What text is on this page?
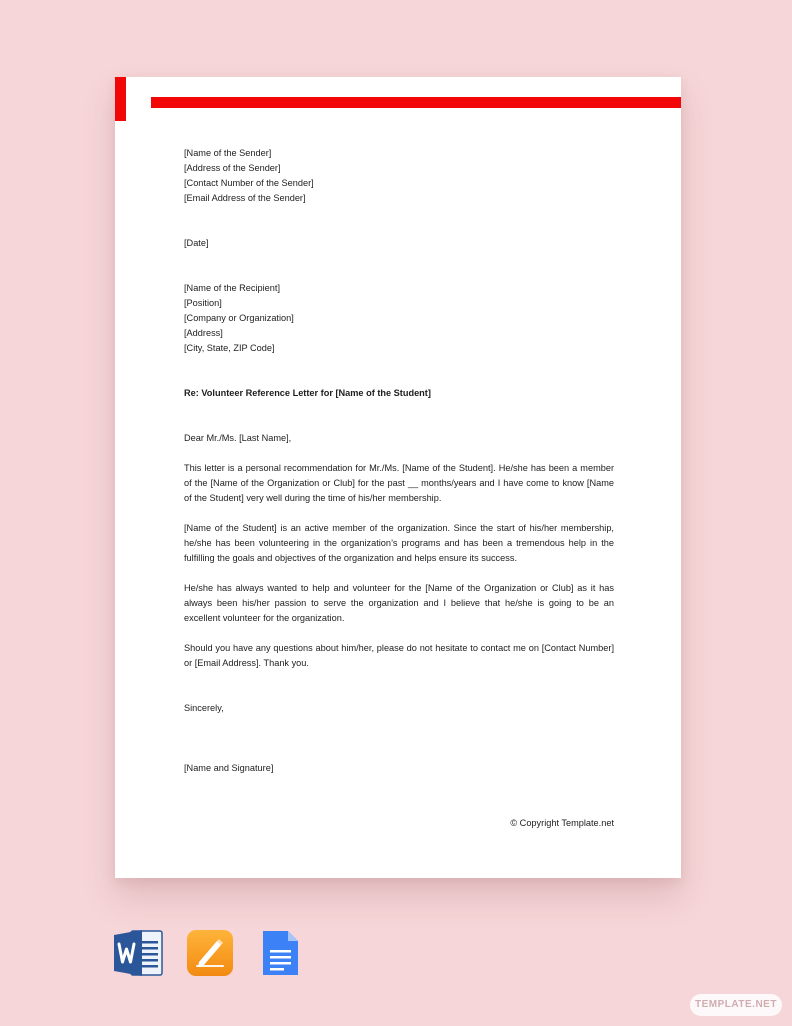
[Name of the Sender]
[Address of the Sender]
[Contact Number of the Sender]
[Email Address of the Sender]
[Date]
[Name of the Recipient]
[Position]
[Company or Organization]
[Address]
[City, State, ZIP Code]
Re: Volunteer Reference Letter for [Name of the Student]
Dear Mr./Ms. [Last Name],

This letter is a personal recommendation for Mr./Ms. [Name of the Student]. He/she has been a member of the [Name of the Organization or Club] for the past __ months/years and I have come to know [Name of the Student] very well during the time of his/her membership.

[Name of the Student] is an active member of the organization. Since the start of his/her membership, he/she has been volunteering in the organization’s programs and has been a tremendous help in the fulfilling the goals and objectives of the organization and helps ensure its success.

He/she has always wanted to help and volunteer for the [Name of the Organization or Club] as it has always been his/her passion to serve the organization and I believe that he/she is going to be an excellent volunteer for the organization.

Should you have any questions about him/her, please do not hesitate to contact me on [Contact Number] or [Email Address]. Thank you.

Sincerely,
[Name and Signature]
© Copyright Template.net
TEMPLATE.NET
